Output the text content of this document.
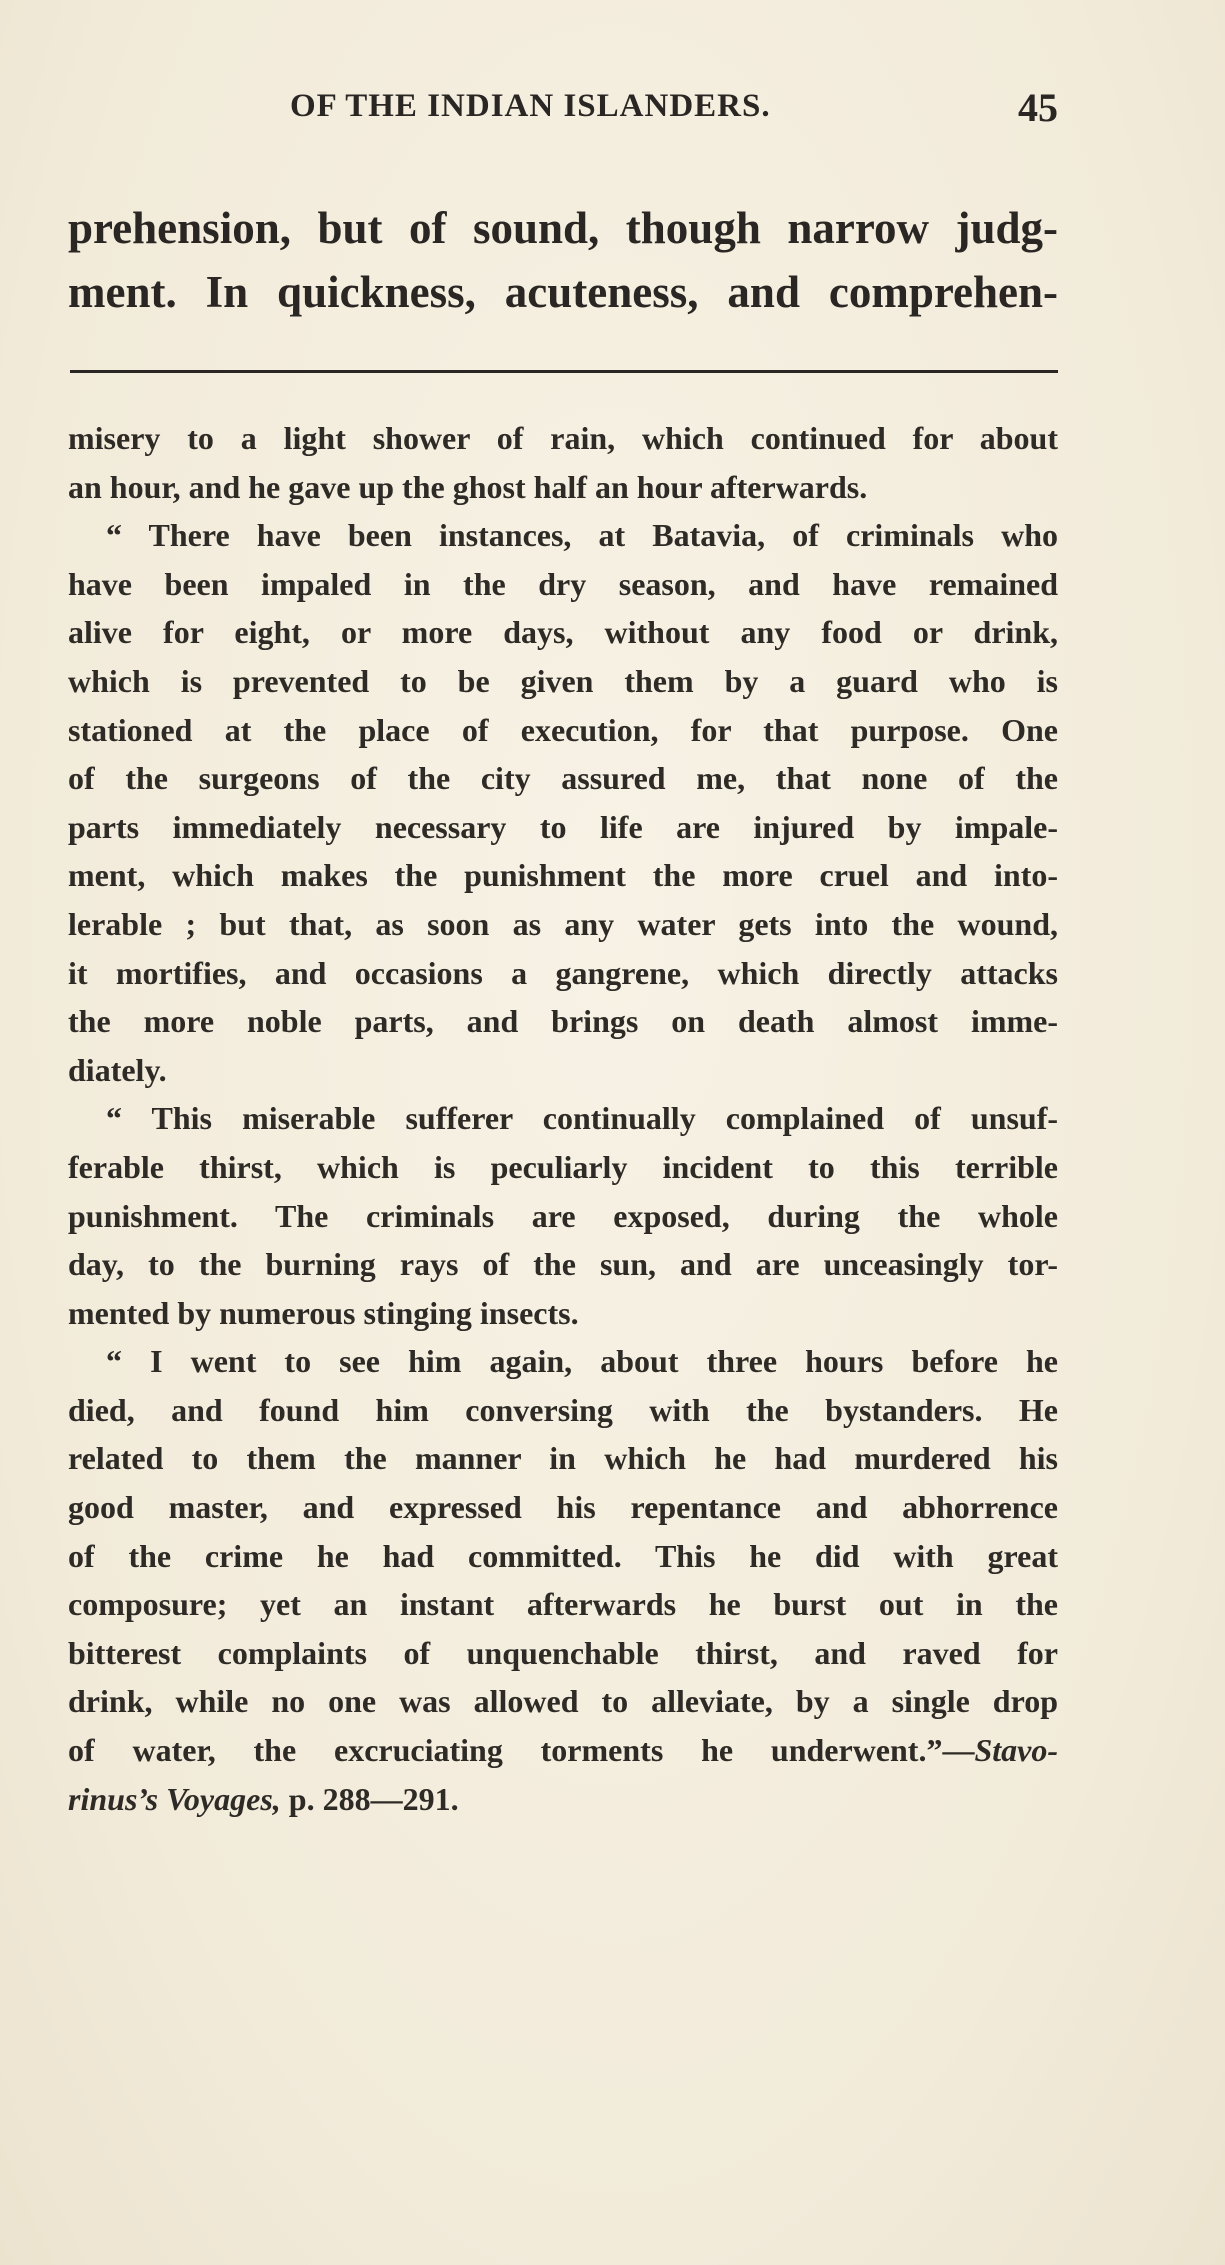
OF THE INDIAN ISLANDERS.	45
prehension, but of sound, though narrow judg-
ment. In quickness, acuteness, and comprehen-
misery to a light shower of rain, which continued for about
an hour, and he gave up the ghost half an hour afterwards.
“ There have been instances, at Batavia, of criminals who
have been impaled in the dry season, and have remained
alive for eight, or more days, without any food or drink,
which is prevented to be given them by a guard who is
stationed at the place of execution, for that purpose. One
of the surgeons of the city assured me, that none of the
parts immediately necessary to life are injured by impale-
ment, which makes the punishment the more cruel and into-
lerable ; but that, as soon as any water gets into the wound,
it mortifies, and occasions a gangrene, which directly attacks
the more noble parts, and brings on death almost imme-
diately.
“ This miserable sufferer continually complained of unsuf-
ferable thirst, which is peculiarly incident to this terrible
punishment. The criminals are exposed, during the whole
day, to the burning rays of the sun, and are unceasingly tor-
mented by numerous stinging insects.
“ I went to see him again, about three hours before he
died, and found him conversing with the bystanders. He
related to them the manner in which he had murdered his
good master, and expressed his repentance and abhorrence
of the crime he had committed. This he did with great
composure; yet an instant afterwards he burst out in the
bitterest complaints of unquenchable thirst, and raved for
drink, while no one was allowed to alleviate, by a single drop
of water, the excruciating torments he underwent.”—Stavo-
rinus’s Voyages, p. 288—291.
